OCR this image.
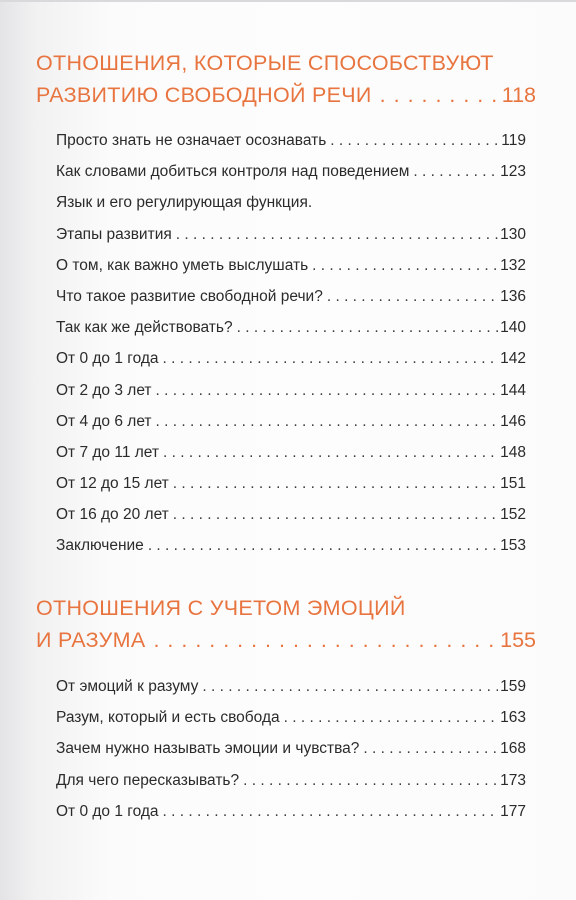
ОТНОШЕНИЯ, КОТОРЫЕ СПОСОБСТВУЮТ
РАЗВИТИЮ СВОБОДНОЙ РЕЧИ . . .	118
Просто знать не означает осознавать . . .	119
Как словами добиться контроля над поведением . . .	123
Язык и его регулирующая функция.
Этапы развития . . .	130
О том, как важно уметь выслушать . . .	132
Что такое развитие свободной речи? . . .	136
Так как же действовать? . . .	140
От 0 до 1 года . . .	142
От 2 до 3 лет . . .	144
От 4 до 6 лет . . .	146
От 7 до 11 лет . . .	148
От 12 до 15 лет . . .	151
От 16 до 20 лет . . .	152
Заключение . . .	153
ОТНОШЕНИЯ С УЧЕТОМ ЭМОЦИЙ
И РАЗУМА . . .	155
От эмоций к разуму . . .	159
Разум, который и есть свобода . . .	163
Зачем нужно называть эмоции и чувства? . . .	168
Для чего пересказывать? . . .	173
От 0 до 1 года . . .	177
